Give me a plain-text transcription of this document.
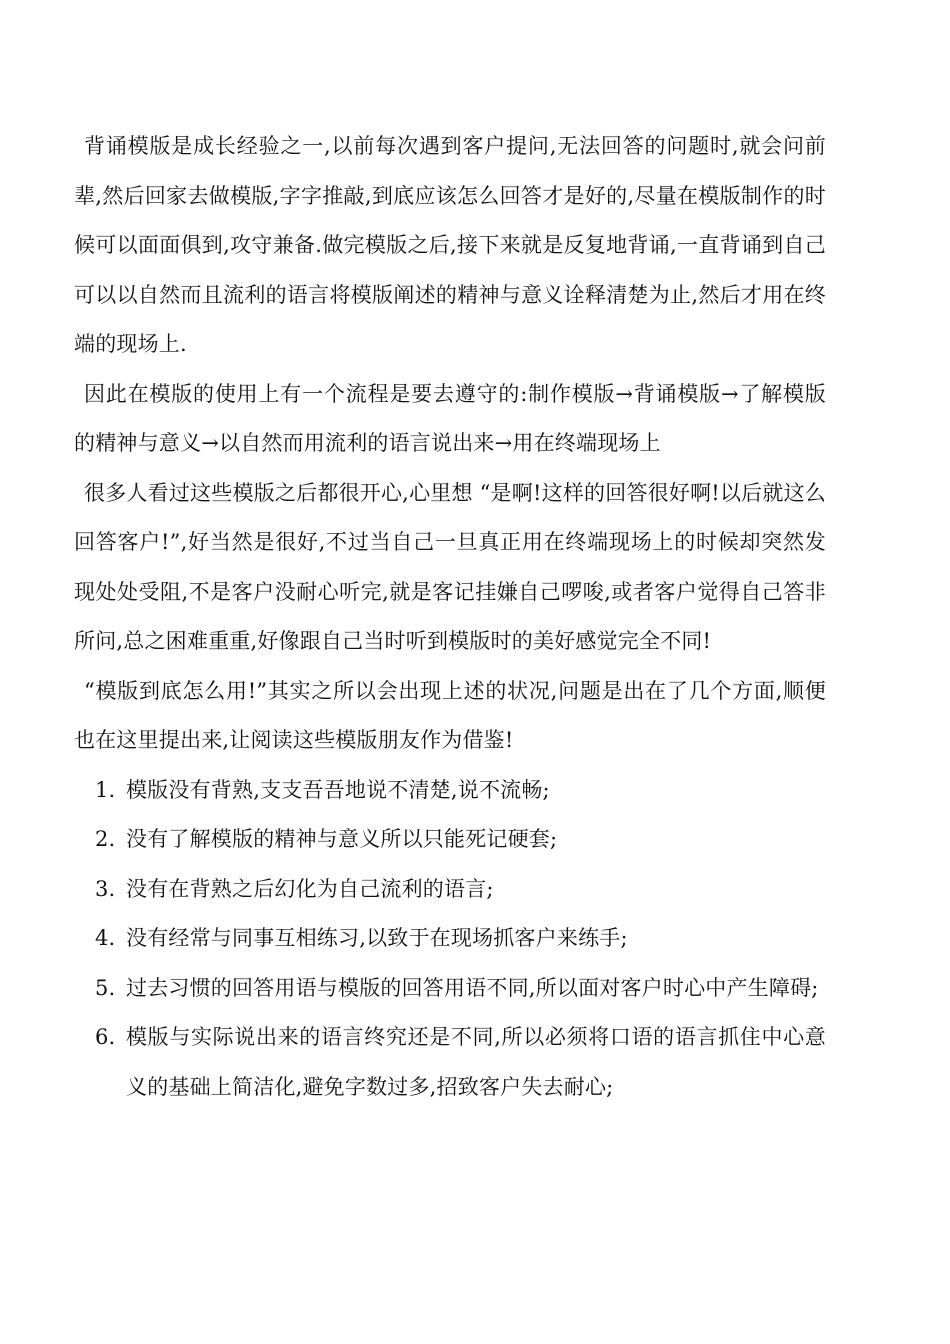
背诵模版是成长经验之一,以前每次遇到客户提问,无法回答的问题时,就会问前辈,然后回家去做模版,字字推敲,到底应该怎么回答才是好的,尽量在模版制作的时候可以面面俱到,攻守兼备.做完模版之后,接下来就是反复地背诵,一直背诵到自己可以以自然而且流利的语言将模版阐述的精神与意义诠释清楚为止,然后才用在终端的现场上.

因此在模版的使用上有一个流程是要去遵守的:制作模版→背诵模版→了解模版的精神与意义→以自然而用流利的语言说出来→用在终端现场上

很多人看过这些模版之后都很开心,心里想 “是啊!这样的回答很好啊!以后就这么回答客户!”,好当然是很好,不过当自己一旦真正用在终端现场上的时候却突然发现处处受阻,不是客户没耐心听完,就是客记挂嫌自己啰唆,或者客户觉得自己答非所问,总之困难重重,好像跟自己当时听到模版时的美好感觉完全不同!

“模版到底怎么用!”其实之所以会出现上述的状况,问题是出在了几个方面,顺便也在这里提出来,让阅读这些模版朋友作为借鉴!

1. 模版没有背熟,支支吾吾地说不清楚,说不流畅;
2. 没有了解模版的精神与意义所以只能死记硬套;
3. 没有在背熟之后幻化为自己流利的语言;
4. 没有经常与同事互相练习,以致于在现场抓客户来练手;
5. 过去习惯的回答用语与模版的回答用语不同,所以面对客户时心中产生障碍;
6. 模版与实际说出来的语言终究还是不同,所以必须将口语的语言抓住中心意义的基础上简洁化,避免字数过多,招致客户失去耐心;
